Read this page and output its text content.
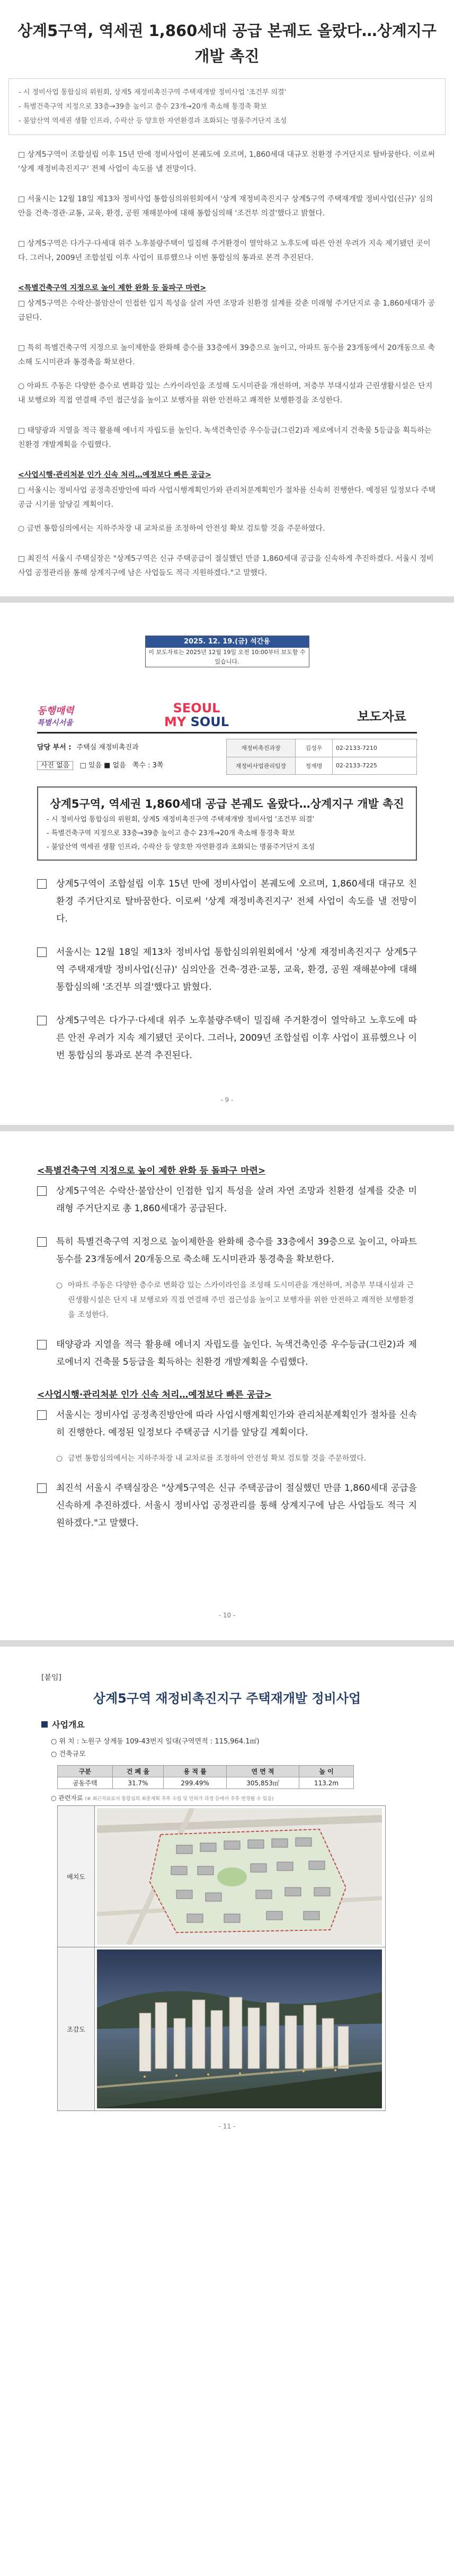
상계5구역, 역세권 1,860세대 공급 본궤도 올랐다…상계지구 개발 촉진
- 시 정비사업 통합심의 위원회, 상계5 재정비촉진구역 주택재개발 정비사업 '조건부 의결'
- 특별건축구역 지정으로 33층→39층 높이고 층수 23개→20개 축소해 통경축 확보
- 불암산역 역세권 생활 인프라, 수락산 등 양호한 자연환경과 조화되는 명품주거단지 조성

□ 상계5구역이 조합설립 이후 15년 만에 정비사업이 본궤도에 오르며, 1,860세대 대규모 친환경 주거단지로 탈바꿈한다. 이로써 '상계 재정비촉진지구' 전체 사업이 속도를 낼 전망이다.

□ 서울시는 12월 18일 제13차 정비사업 통합심의위원회에서 '상계 재정비촉진지구 상계5구역 주택재개발 정비사업(신규)' 심의안을 건축·경관·교통, 교육, 환경, 공원 재해분야에 대해 통합심의해 '조건부 의결'했다고 밝혔다.

□ 상계5구역은 다가구·다세대 위주 노후불량주택이 밀집해 주거환경이 열악하고 노후도에 따른 안전 우려가 지속 제기됐던 곳이다. 그러나, 2009년 조합설립 이후 사업이 표류했으나 이번 통합심의 통과로 본격 추진된다.

<특별건축구역 지정으로 높이 제한 완화 등 돌파구 마련>

□ 상계5구역은 수락산·불암산이 인접한 입지 특성을 살려 자연 조망과 친환경 설계를 갖춘 미래형 주거단지로 총 1,860세대가 공급된다.

□ 특히 특별건축구역 지정으로 높이제한을 완화해 층수를 33층에서 39층으로 높이고, 아파트 동수를 23개동에서 20개동으로 축소해 도시미관과 통경축을 확보한다.

○ 아파트 주동은 다양한 층수로 변화감 있는 스카이라인을 조성해 도시미관을 개선하며, 저층부 부대시설과 근린생활시설은 단지 내 보행로와 직접 연결해 주민 접근성을 높이고 보행자를 위한 안전하고 쾌적한 보행환경을 조성한다.

□ 태양광과 지열을 적극 활용해 에너지 자립도를 높인다. 녹색건축인증 우수등급(그린2)과 제로에너지 건축물 5등급을 획득하는 친환경 개발계획을 수립했다.

<사업시행·관리처분 인가 신속 처리…예정보다 빠른 공급>

□ 서울시는 정비사업 공정촉진방안에 따라 사업시행계획인가와 관리처분계획인가 절차를 신속히 진행한다. 예정된 일정보다 주택공급 시기를 앞당길 계획이다.

○ 금번 통합심의에서는 지하주차장 내 교차로를 조정하여 안전성 확보 검토할 것을 주문하였다.

□ 최진석 서울시 주택실장은 "상계5구역은 신규 주택공급이 절실했던 만큼 1,860세대 공급을 신속하게 추진하겠다. 서울시 정비사업 공정관리를 통해 상계지구에 남은 사업들도 적극 지원하겠다."고 말했다.

2025. 12. 19.(금) 석간용
이 보도자료는 2025년 12월 19일 오전 10:00부터 보도할 수 있습니다.
동행매력
특별시서울
SEOUL
MY SOUL	보도자료
담당 부서 : 주택실 재정비촉진과
사진 없음 □ 있음 ■ 없음 쪽수 : 3쪽
재정비촉진과장	김성우	02-2133-7210
재정비사업관리팀장	정재명	02-2133-7225
상계5구역, 역세권 1,860세대 공급 본궤도 올랐다…상계지구 개발 촉진
- 시 정비사업 통합심의 위원회, 상계5 재정비촉진구역 주택재개발 정비사업 '조건부 의결'
- 특별건축구역 지정으로 33층→39층 높이고 층수 23개→20개 축소해 통경축 확보
- 불암산역 역세권 생활 인프라, 수락산 등 양호한 자연환경과 조화되는 명품주거단지 조성

상계5구역이 조합설립 이후 15년 만에 정비사업이 본궤도에 오르며, 1,860세대 대규모 친환경 주거단지로 탈바꿈한다. 이로써 '상계 재정비촉진지구' 전체 사업이 속도를 낼 전망이다.

서울시는 12월 18일 제13차 정비사업 통합심의위원회에서 '상계 재정비촉진지구 상계5구역 주택재개발 정비사업(신규)' 심의안을 건축·경관·교통, 교육, 환경, 공원 재해분야에 대해 통합심의해 '조건부 의결'했다고 밝혔다.

상계5구역은 다가구·다세대 위주 노후불량주택이 밀집해 주거환경이 열악하고 노후도에 따른 안전 우려가 지속 제기됐던 곳이다. 그러나, 2009년 조합설립 이후 사업이 표류했으나 이번 통합심의 통과로 본격 추진된다.

- 9 -

<특별건축구역 지정으로 높이 제한 완화 등 돌파구 마련>

상계5구역은 수락산·불암산이 인접한 입지 특성을 살려 자연 조망과 친환경 설계를 갖춘 미래형 주거단지로 총 1,860세대가 공급된다.

특히 특별건축구역 지정으로 높이제한을 완화해 층수를 33층에서 39층으로 높이고, 아파트 동수를 23개동에서 20개동으로 축소해 도시미관과 통경축을 확보한다.

○ 아파트 주동은 다양한 층수로 변화감 있는 스카이라인을 조성해 도시미관을 개선하며, 저층부 부대시설과 근린생활시설은 단지 내 보행로와 직접 연결해 주민 접근성을 높이고 보행자를 위한 안전하고 쾌적한 보행환경을 조성한다.

태양광과 지열을 적극 활용해 에너지 자립도를 높인다. 녹색건축인증 우수등급(그린2)과 제로에너지 건축물 5등급을 획득하는 친환경 개발계획을 수립했다.

<사업시행·관리처분 인가 신속 처리…예정보다 빠른 공급>

서울시는 정비사업 공정촉진방안에 따라 사업시행계획인가와 관리처분계획인가 절차를 신속히 진행한다. 예정된 일정보다 주택공급 시기를 앞당길 계획이다.

○ 금번 통합심의에서는 지하주차장 내 교차로를 조정하여 안전성 확보 검토할 것을 주문하였다.

최진석 서울시 주택실장은 "상계5구역은 신규 주택공급이 절실했던 만큼 1,860세대 공급을 신속하게 추진하겠다. 서울시 정비사업 공정관리를 통해 상계지구에 남은 사업들도 적극 지원하겠다."고 말했다.

- 10 -
[붙임]
상계5구역 재정비촉진지구 주택재개발 정비사업
사업개요
○ 위 치 : 노원구 상계동 109-43번지 일대(구역면적 : 115,964.1㎡)
○ 건축규모
구분	건 폐 율	용 적 률	연 면 적	높 이
공동주택	31.7%	299.49%	305,853㎡	113.2m
○ 관련자료 (※ 최근자료로서 통합심의 최종계획 추후 수립 및 인허가 과정 등에서 추후 변경될 수 있음)
배치도
조감도
- 11 -
